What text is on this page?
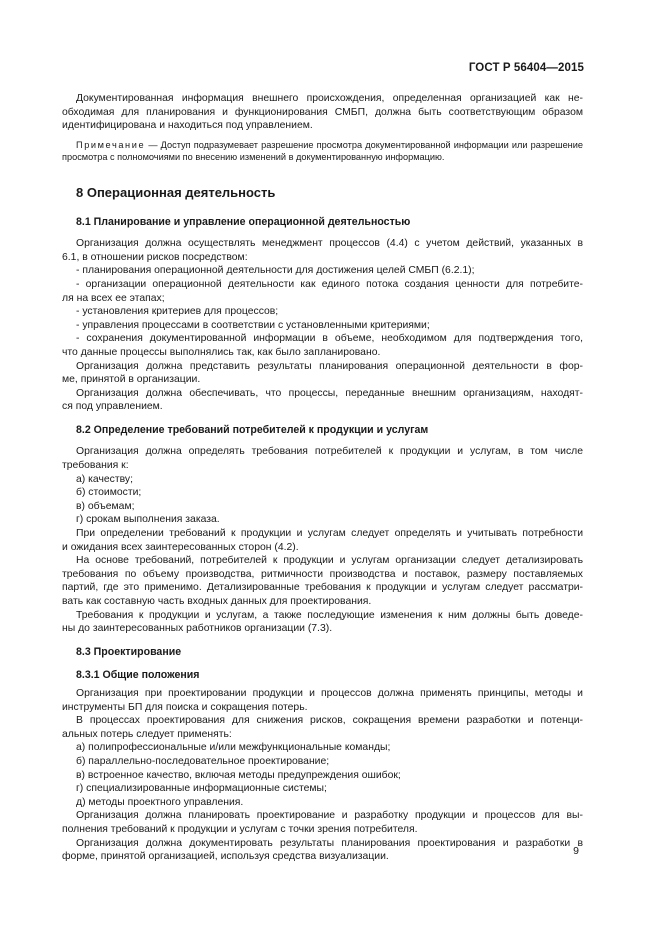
ГОСТ Р 56404—2015
Документированная информация внешнего происхождения, определенная организацией как не-
обходимая для планирования и функционирования СМБП, должна быть соответствующим образом
идентифицирована и находиться под управлением.

Примечание — Доступ подразумевает разрешение просмотра документированной информации или разрешение просмотра с полномочиями по внесению изменений в документированную информацию.

8 Операционная деятельность
8.1 Планирование и управление операционной деятельностью
Организация должна осуществлять менеджмент процессов (4.4) с учетом действий, указанных в
6.1, в отношении рисков посредством:
- планирования операционной деятельности для достижения целей СМБП (6.2.1);
- организации операционной деятельности как единого потока создания ценности для потребите-
ля на всех ее этапах;
- установления критериев для процессов;
- управления процессами в соответствии с установленными критериями;
- сохранения документированной информации в объеме, необходимом для подтверждения того,
что данные процессы выполнялись так, как было запланировано.
Организация должна представить результаты планирования операционной деятельности в фор-
ме, принятой в организации.
Организация должна обеспечивать, что процессы, переданные внешним организациям, находят-
ся под управлением.
8.2 Определение требований потребителей к продукции и услугам
Организация должна определять требования потребителей к продукции и услугам, в том числе
требования к:
а) качеству;
б) стоимости;
в) объемам;
г) срокам выполнения заказа.
При определении требований к продукции и услугам следует определять и учитывать потребности
и ожидания всех заинтересованных сторон (4.2).
На основе требований, потребителей к продукции и услугам организации следует детализировать
требования по объему производства, ритмичности производства и поставок, размеру поставляемых
партий, где это применимо. Детализированные требования к продукции и услугам следует рассматри-
вать как составную часть входных данных для проектирования.
Требования к продукции и услугам, а также последующие изменения к ним должны быть доведе-
ны до заинтересованных работников организации (7.3).
8.3 Проектирование
8.3.1 Общие положения
Организация при проектировании продукции и процессов должна применять принципы, методы и
инструменты БП для поиска и сокращения потерь.
В процессах проектирования для снижения рисков, сокращения времени разработки и потенци-
альных потерь следует применять:
а) полипрофессиональные и/или межфункциональные команды;
б) параллельно-последовательное проектирование;
в) встроенное качество, включая методы предупреждения ошибок;
г) специализированные информационные системы;
д) методы проектного управления.
Организация должна планировать проектирование и разработку продукции и процессов для вы-
полнения требований к продукции и услугам с точки зрения потребителя.
Организация должна документировать результаты планирования проектирования и разработки в
форме, принятой организацией, используя средства визуализации.	9
